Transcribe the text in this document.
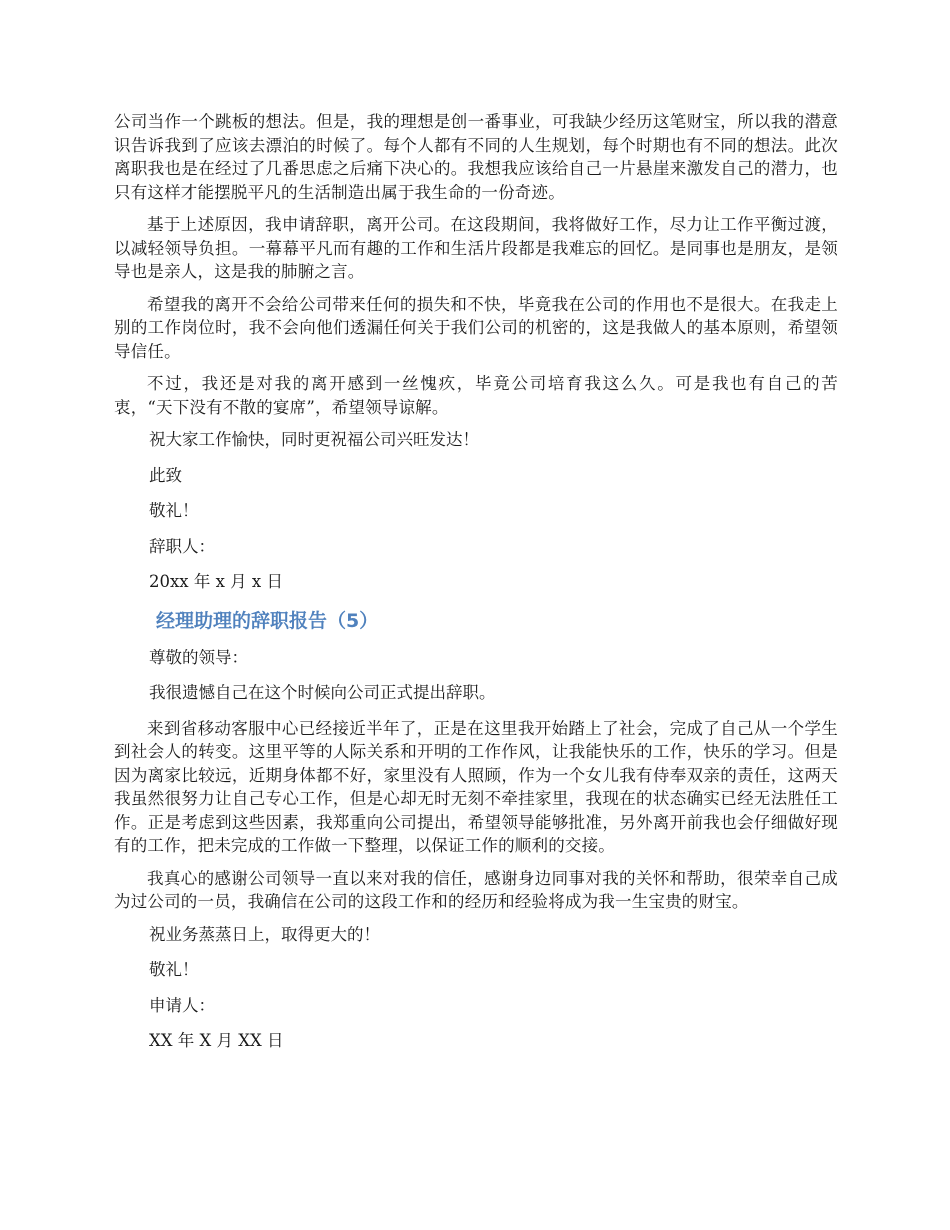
公司当作一个跳板的想法。但是，我的理想是创一番事业，可我缺少经历这笔财宝，所以我的潜意识告诉我到了应该去漂泊的时候了。每个人都有不同的人生规划，每个时期也有不同的想法。此次离职我也是在经过了几番思虑之后痛下决心的。我想我应该给自己一片悬崖来激发自己的潜力，也只有这样才能摆脱平凡的生活制造出属于我生命的一份奇迹。

基于上述原因，我申请辞职，离开公司。在这段期间，我将做好工作，尽力让工作平衡过渡，以减轻领导负担。一幕幕平凡而有趣的工作和生活片段都是我难忘的回忆。是同事也是朋友，是领导也是亲人，这是我的肺腑之言。

希望我的离开不会给公司带来任何的损失和不快，毕竟我在公司的作用也不是很大。在我走上别的工作岗位时，我不会向他们透漏任何关于我们公司的机密的，这是我做人的基本原则，希望领导信任。

不过，我还是对我的离开感到一丝愧疚，毕竟公司培育我这么久。可是我也有自己的苦衷，“天下没有不散的宴席”，希望领导谅解。

祝大家工作愉快，同时更祝福公司兴旺发达！

此致

敬礼！

辞职人：

20xx 年 x 月 x 日

经理助理的辞职报告（5）

尊敬的领导：

我很遗憾自己在这个时候向公司正式提出辞职。

来到省移动客服中心已经接近半年了，正是在这里我开始踏上了社会，完成了自己从一个学生到社会人的转变。这里平等的人际关系和开明的工作作风，让我能快乐的工作，快乐的学习。但是因为离家比较远，近期身体都不好，家里没有人照顾，作为一个女儿我有侍奉双亲的责任，这两天我虽然很努力让自己专心工作，但是心却无时无刻不牵挂家里，我现在的状态确实已经无法胜任工作。正是考虑到这些因素，我郑重向公司提出，希望领导能够批准，另外离开前我也会仔细做好现有的工作，把未完成的工作做一下整理，以保证工作的顺利的交接。

我真心的感谢公司领导一直以来对我的信任，感谢身边同事对我的关怀和帮助，很荣幸自己成为过公司的一员，我确信在公司的这段工作和的经历和经验将成为我一生宝贵的财宝。

祝业务蒸蒸日上，取得更大的！

敬礼！

申请人：

XX 年 X 月 XX 日
